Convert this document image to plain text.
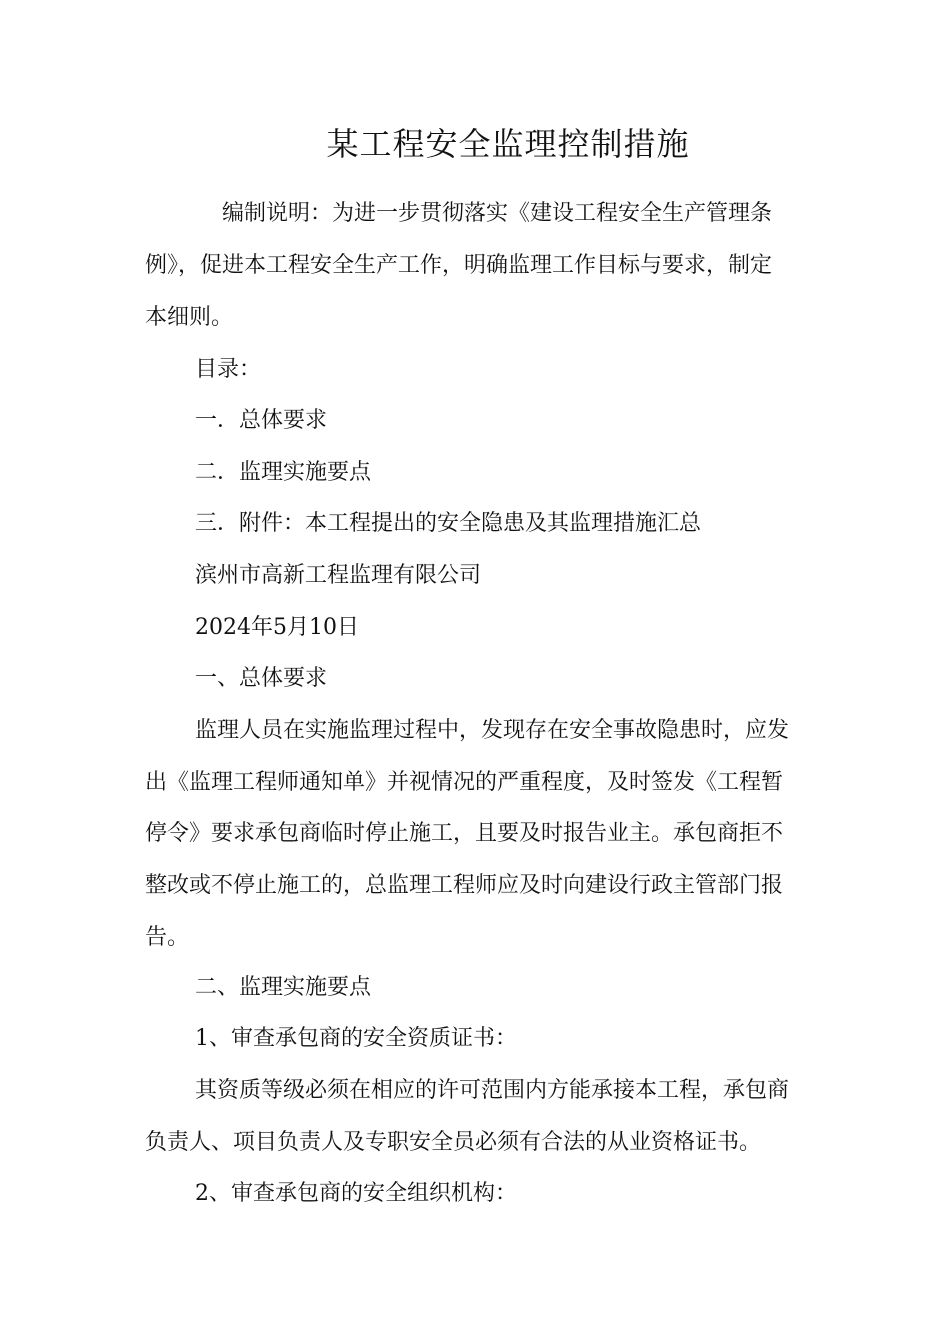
某工程安全监理控制措施
编制说明：为进一步贯彻落实《建设工程安全生产管理条
例》，促进本工程安全生产工作，明确监理工作目标与要求，制定
本细则。
目录：
一．总体要求
二．监理实施要点
三．附件：本工程提出的安全隐患及其监理措施汇总
滨州市高新工程监理有限公司
2024年5月10日
一、总体要求
监理人员在实施监理过程中，发现存在安全事故隐患时，应发
出《监理工程师通知单》并视情况的严重程度，及时签发《工程暂
停令》要求承包商临时停止施工，且要及时报告业主。承包商拒不
整改或不停止施工的，总监理工程师应及时向建设行政主管部门报
告。
二、监理实施要点
1、审查承包商的安全资质证书：
其资质等级必须在相应的许可范围内方能承接本工程，承包商
负责人、项目负责人及专职安全员必须有合法的从业资格证书。
2、审查承包商的安全组织机构：
